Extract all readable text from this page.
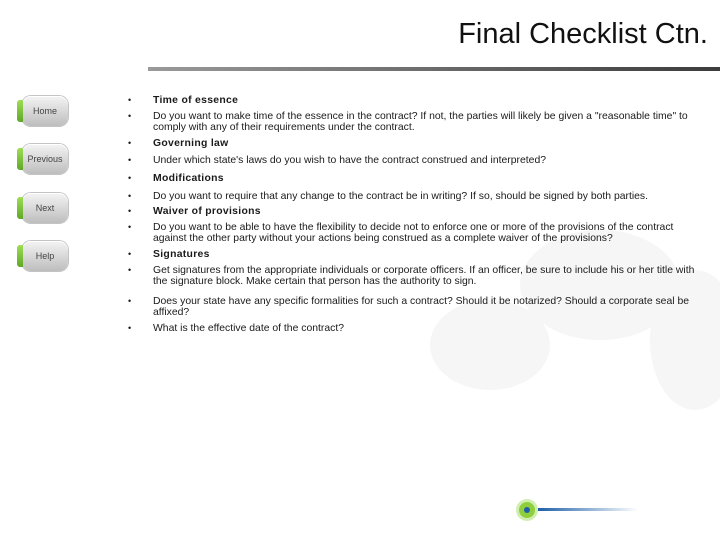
Final Checklist Ctn.
Home
Previous
Next
Help
•	Time of essence
•	Do you want to make time of the essence in the contract? If not, the parties will likely be given a "reasonable time" to comply with any of their requirements under the contract.
•	Governing law
•	Under which state's laws do you wish to have the contract construed and interpreted?
•	Modifications
•	Do you want to require that any change to the contract be in writing? If so, should be signed by both parties.
•	Waiver of provisions
•	Do you want to be able to have the flexibility to decide not to enforce one or more of the provisions of the contract against the other party without your actions being construed as a complete waiver of the provisions?
•	Signatures
•	Get signatures from the appropriate individuals or corporate officers. If an officer, be sure to include his or her title with the signature block. Make certain that person has the authority to sign.
•	Does your state have any specific formalities for such a contract? Should it be notarized? Should a corporate seal be affixed?
•	What is the effective date of the contract?
